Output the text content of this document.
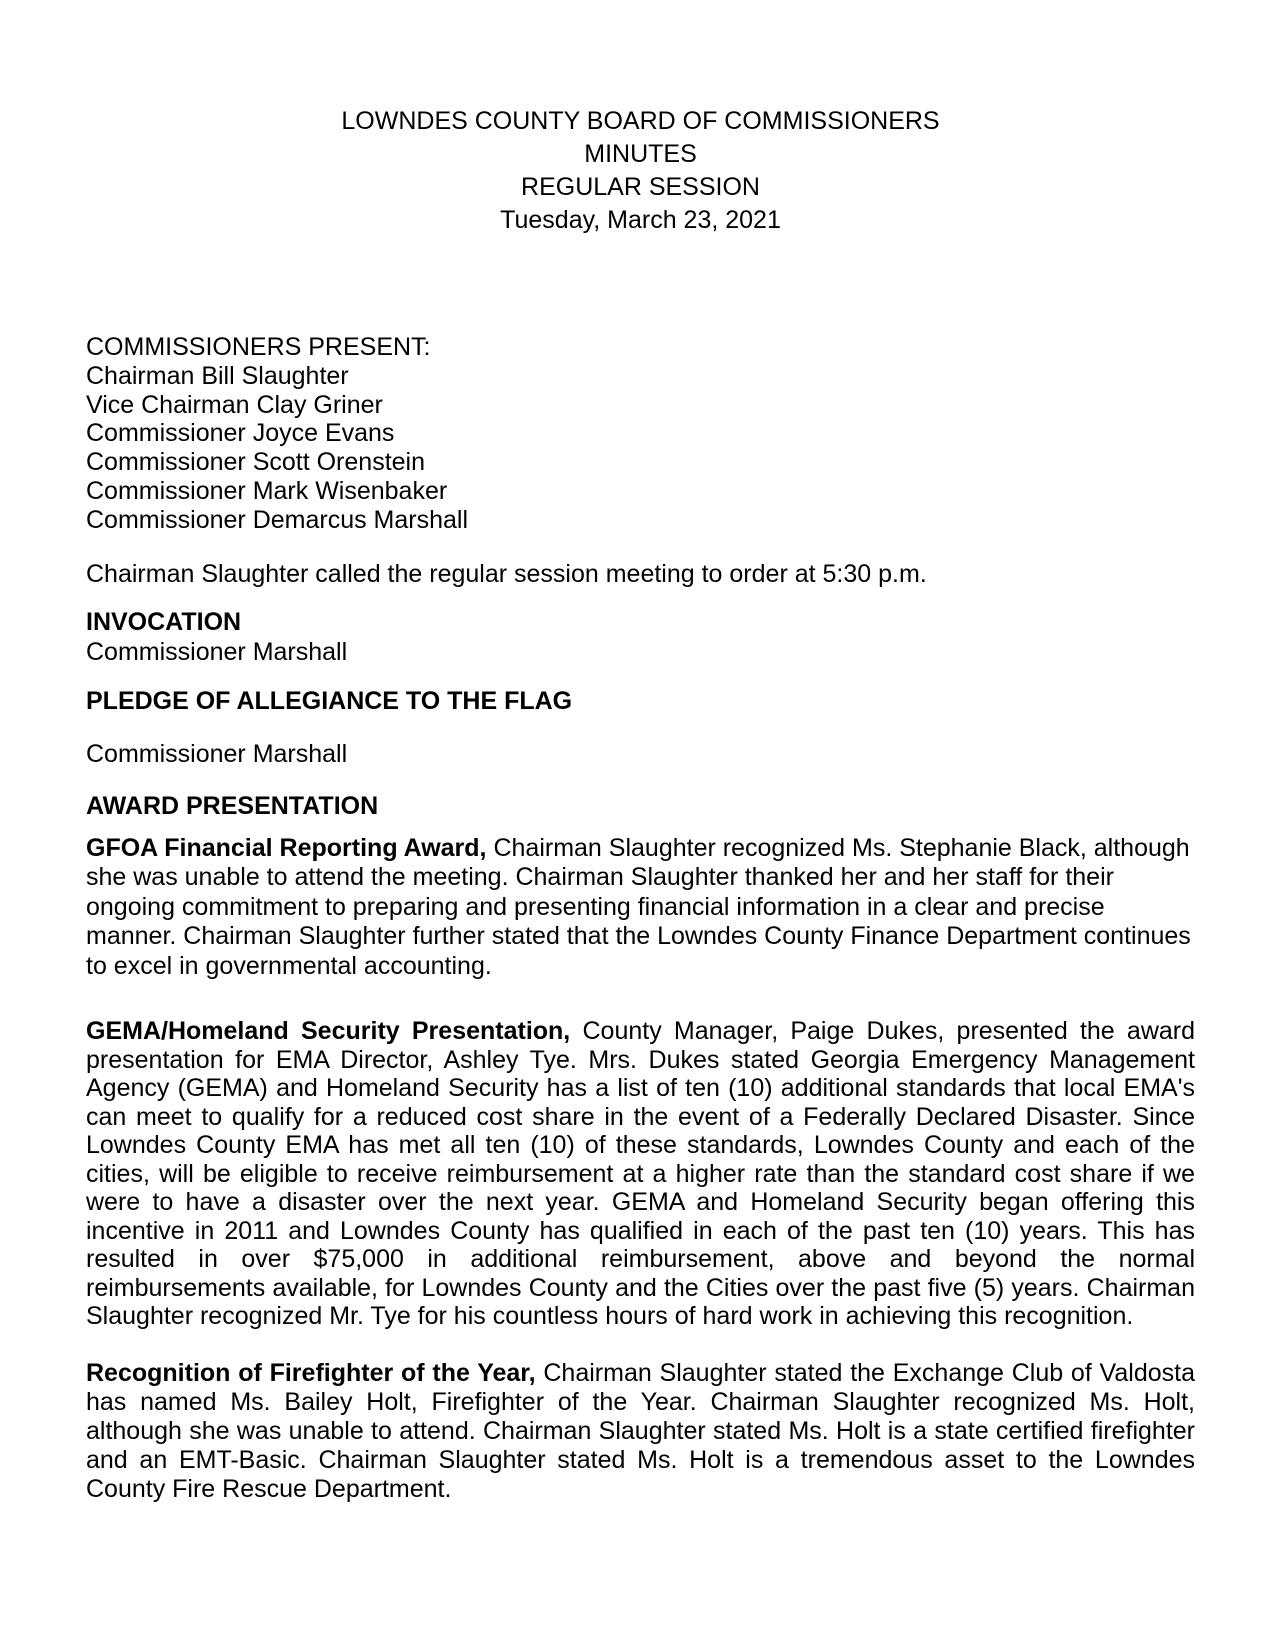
LOWNDES COUNTY BOARD OF COMMISSIONERS
MINUTES
REGULAR SESSION
Tuesday, March 23, 2021
COMMISSIONERS PRESENT:
Chairman Bill Slaughter
Vice Chairman Clay Griner
Commissioner Joyce Evans
Commissioner Scott Orenstein
Commissioner Mark Wisenbaker
Commissioner Demarcus Marshall
Chairman Slaughter called the regular session meeting to order at 5:30 p.m.
INVOCATION
Commissioner Marshall
PLEDGE OF ALLEGIANCE TO THE FLAG
Commissioner Marshall
AWARD PRESENTATION

GFOA Financial Reporting Award, Chairman Slaughter recognized Ms. Stephanie Black, although she was unable to attend the meeting. Chairman Slaughter thanked her and her staff for their ongoing commitment to preparing and presenting financial information in a clear and precise manner. Chairman Slaughter further stated that the Lowndes County Finance Department continues to excel in governmental accounting.

GEMA/Homeland Security Presentation, County Manager, Paige Dukes, presented the award presentation for EMA Director, Ashley Tye. Mrs. Dukes stated Georgia Emergency Management Agency (GEMA) and Homeland Security has a list of ten (10) additional standards that local EMA's can meet to qualify for a reduced cost share in the event of a Federally Declared Disaster. Since Lowndes County EMA has met all ten (10) of these standards, Lowndes County and each of the cities, will be eligible to receive reimbursement at a higher rate than the standard cost share if we were to have a disaster over the next year. GEMA and Homeland Security began offering this incentive in 2011 and Lowndes County has qualified in each of the past ten (10) years. This has resulted in over $75,000 in additional reimbursement, above and beyond the normal reimbursements available, for Lowndes County and the Cities over the past five (5) years. Chairman Slaughter recognized Mr. Tye for his countless hours of hard work in achieving this recognition.

Recognition of Firefighter of the Year, Chairman Slaughter stated the Exchange Club of Valdosta has named Ms. Bailey Holt, Firefighter of the Year. Chairman Slaughter recognized Ms. Holt, although she was unable to attend. Chairman Slaughter stated Ms. Holt is a state certified firefighter and an EMT-Basic. Chairman Slaughter stated Ms. Holt is a tremendous asset to the Lowndes County Fire Rescue Department.
